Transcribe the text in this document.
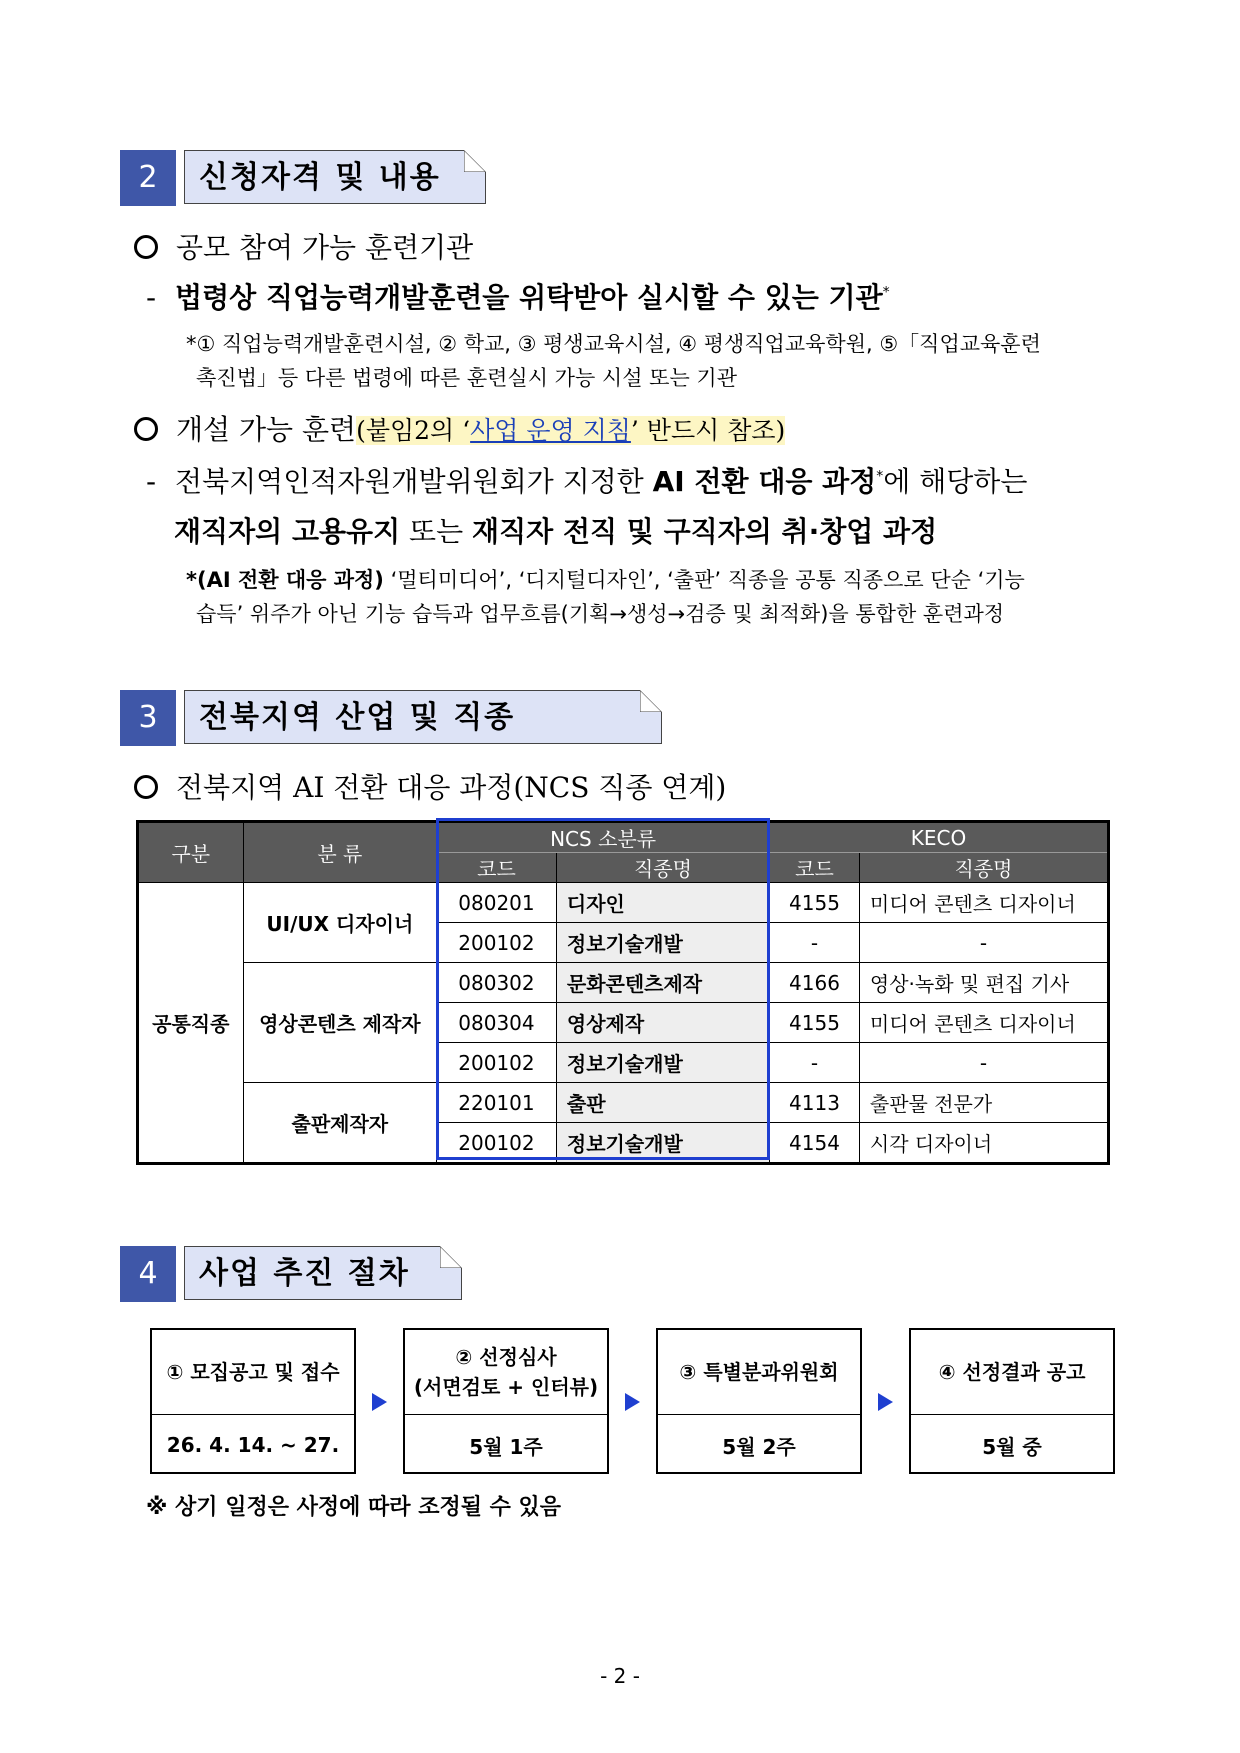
2	신청자격 및 내용
공모 참여 가능 훈련기관
- 법령상 직업능력개발훈련을 위탁받아 실시할 수 있는 기관*
*① 직업능력개발훈련시설, ② 학교, ③ 평생교육시설, ④ 평생직업교육학원, ⑤「직업교육훈련
촉진법」등 다른 법령에 따른 훈련실시 가능 시설 또는 기관
개설 가능 훈련(붙임2의 ‘사업 운영 지침’ 반드시 참조)
- 전북지역인적자원개발위원회가 지정한 AI 전환 대응 과정*에 해당하는
재직자의 고용유지 또는 재직자 전직 및 구직자의 취·창업 과정
*(AI 전환 대응 과정) ‘멀티미디어’, ‘디지털디자인’, ‘출판’ 직종을 공통 직종으로 단순 ‘기능
습득’ 위주가 아닌 기능 습득과 업무흐름(기획→생성→검증 및 최적화)을 통합한 훈련과정
3	전북지역 산업 및 직종
전북지역 AI 전환 대응 과정(NCS 직종 연계)
구분	분 류	NCS 소분류		KECO	
		코드	직종명	코드	직종명
공통직종	UI/UX 디자이너	080201	디자인	4155	미디어 콘텐츠 디자이너
		200102	정보기술개발	-	-
	영상콘텐츠 제작자	080302	문화콘텐츠제작	4166	영상·녹화 및 편집 기사
		080304	영상제작	4155	미디어 콘텐츠 디자이너
		200102	정보기술개발	-	-
	출판제작자	220101	출판	4113	출판물 전문가
		200102	정보기술개발	4154	시각 디자이너
4	사업 추진 절차
① 모집공고 및 접수
26. 4. 14. ~ 27.
② 선정심사
(서면검토 + 인터뷰)
5월 1주
③ 특별분과위원회
5월 2주
④ 선정결과 공고
5월 중
※ 상기 일정은 사정에 따라 조정될 수 있음
- 2 -
